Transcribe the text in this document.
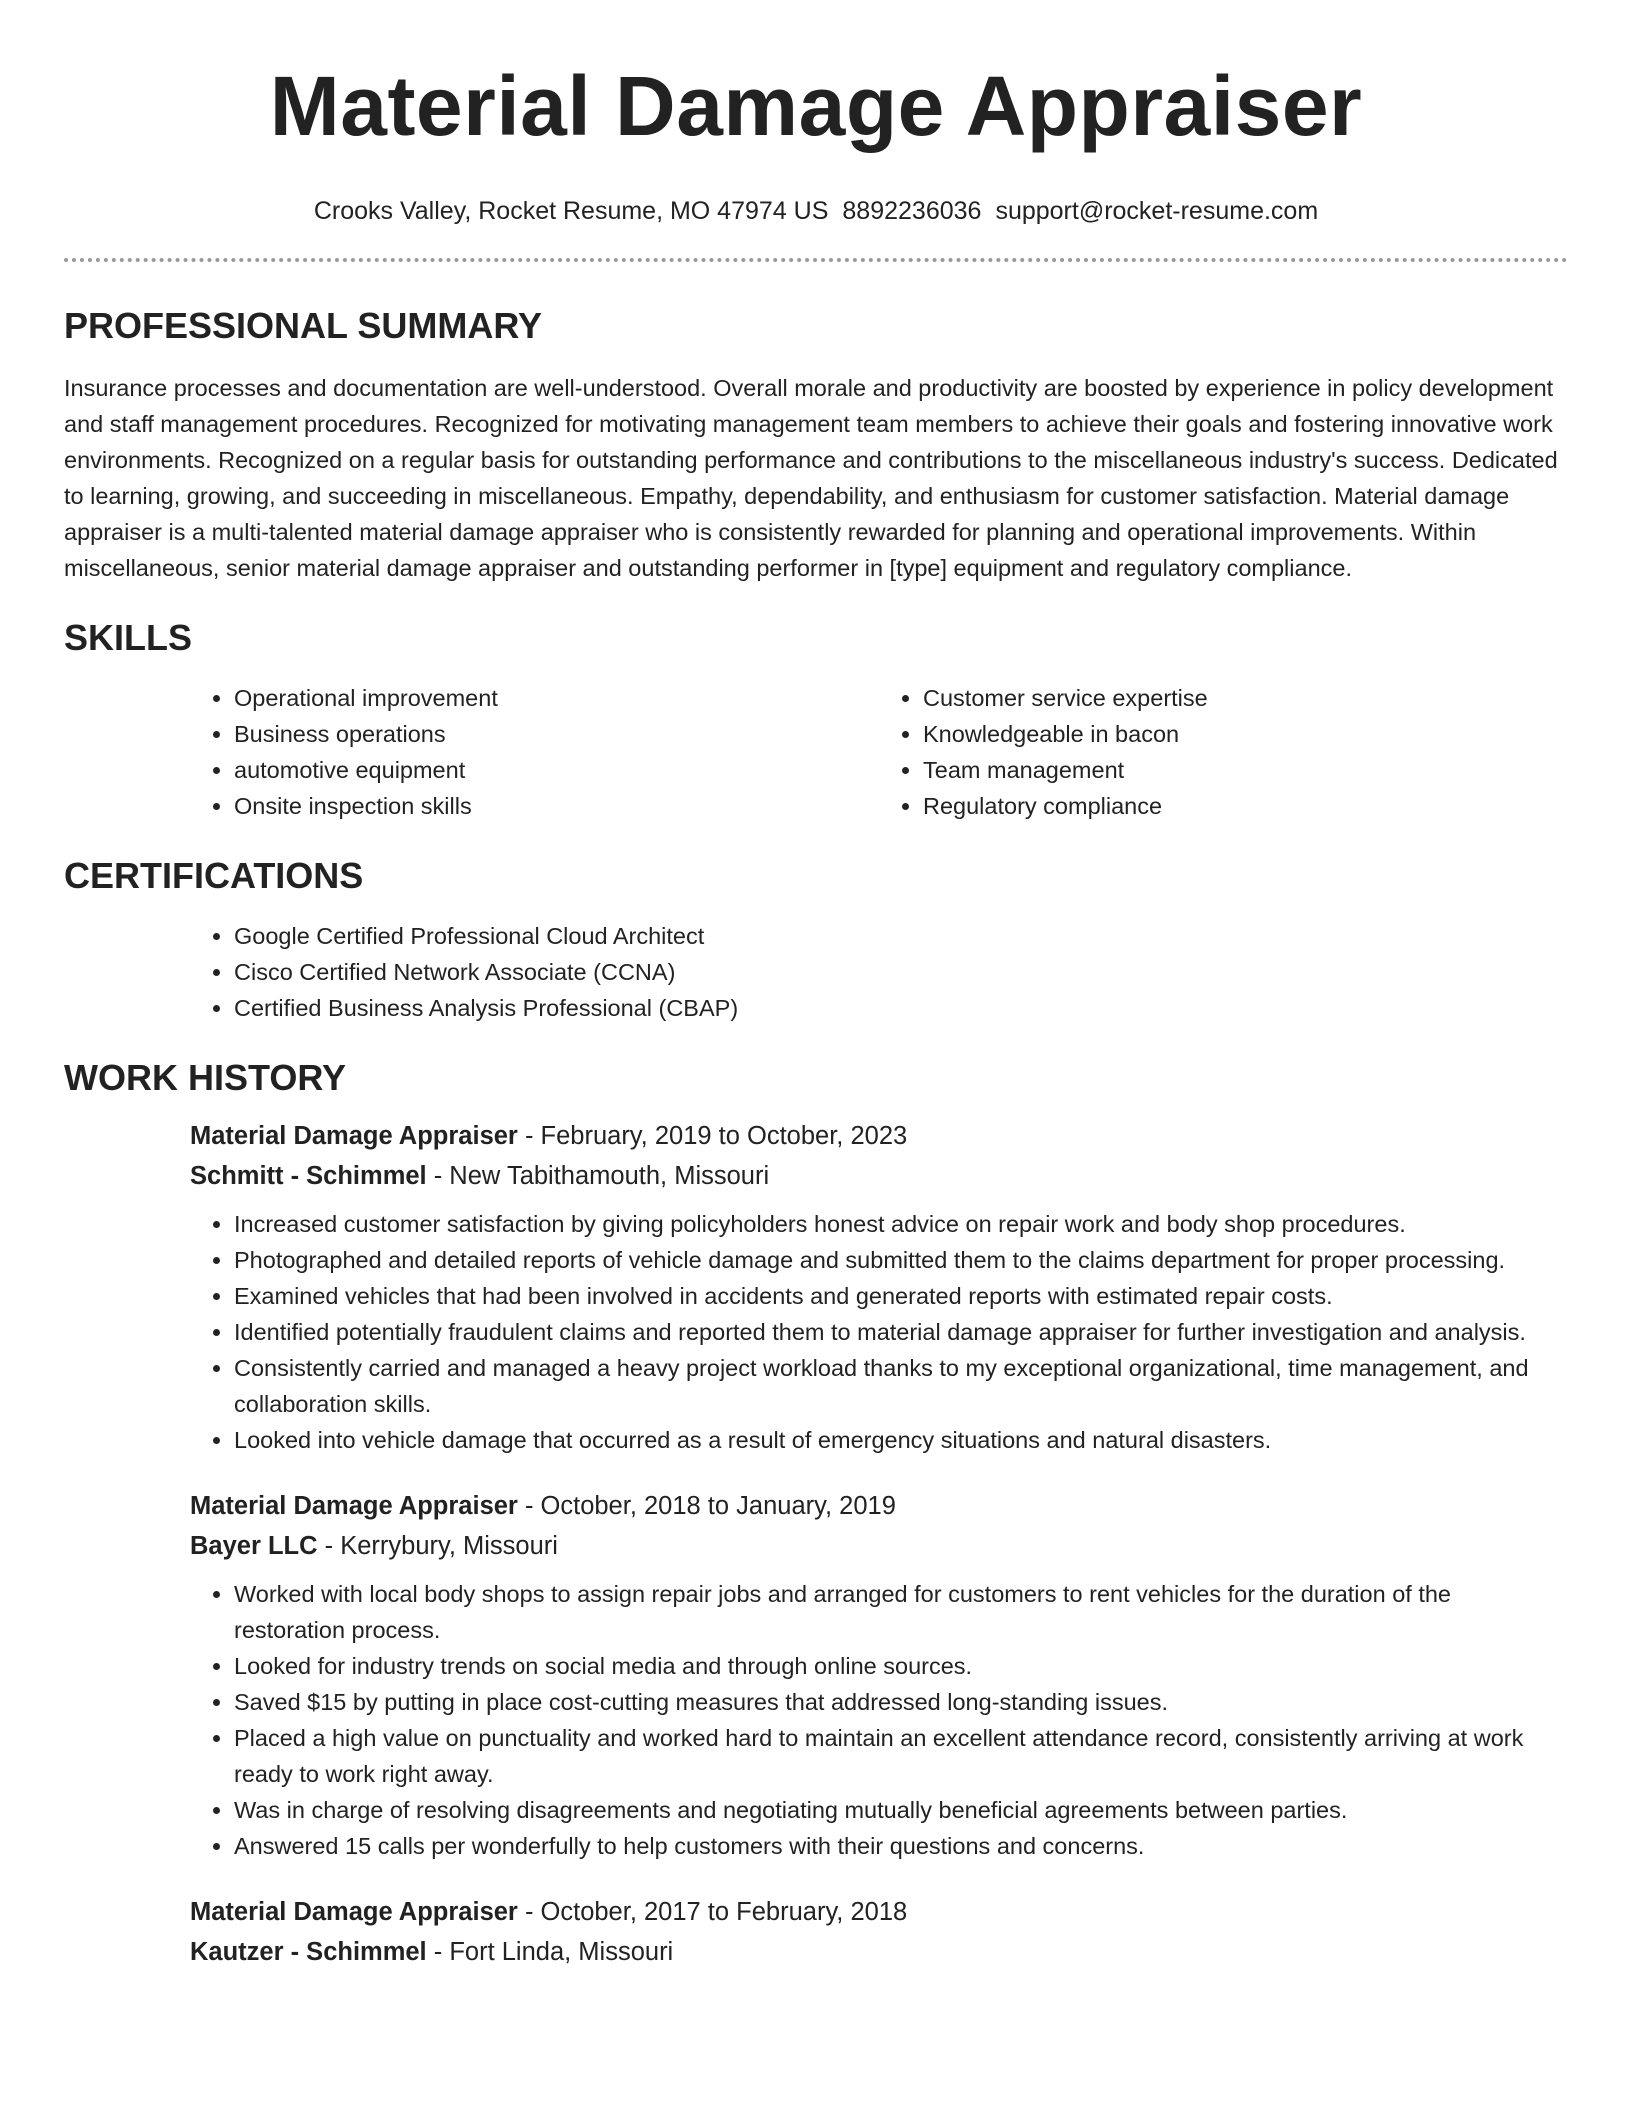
Material Damage Appraiser
Crooks Valley, Rocket Resume, MO 47974 US 8892236036 support@rocket-resume.com
PROFESSIONAL SUMMARY

Insurance processes and documentation are well-understood. Overall morale and productivity are boosted by experience in policy development and staff management procedures. Recognized for motivating management team members to achieve their goals and fostering innovative work environments. Recognized on a regular basis for outstanding performance and contributions to the miscellaneous industry's success. Dedicated to learning, growing, and succeeding in miscellaneous. Empathy, dependability, and enthusiasm for customer satisfaction. Material damage appraiser is a multi-talented material damage appraiser who is consistently rewarded for planning and operational improvements. Within miscellaneous, senior material damage appraiser and outstanding performer in [type] equipment and regulatory compliance.

SKILLS
• Operational improvement
• Business operations
• automotive equipment
• Onsite inspection skills
• Customer service expertise
• Knowledgeable in bacon
• Team management
• Regulatory compliance
CERTIFICATIONS
• Google Certified Professional Cloud Architect
• Cisco Certified Network Associate (CCNA)
• Certified Business Analysis Professional (CBAP)
WORK HISTORY

Material Damage Appraiser - February, 2019 to October, 2023

Schmitt - Schimmel - New Tabithamouth, Missouri

• Increased customer satisfaction by giving policyholders honest advice on repair work and body shop procedures.
• Photographed and detailed reports of vehicle damage and submitted them to the claims department for proper processing.
• Examined vehicles that had been involved in accidents and generated reports with estimated repair costs.
• Identified potentially fraudulent claims and reported them to material damage appraiser for further investigation and analysis.
• Consistently carried and managed a heavy project workload thanks to my exceptional organizational, time management, and collaboration skills.
• Looked into vehicle damage that occurred as a result of emergency situations and natural disasters.

Material Damage Appraiser - October, 2018 to January, 2019

Bayer LLC - Kerrybury, Missouri

• Worked with local body shops to assign repair jobs and arranged for customers to rent vehicles for the duration of the restoration process.
• Looked for industry trends on social media and through online sources.
• Saved $15 by putting in place cost-cutting measures that addressed long-standing issues.
• Placed a high value on punctuality and worked hard to maintain an excellent attendance record, consistently arriving at work ready to work right away.
• Was in charge of resolving disagreements and negotiating mutually beneficial agreements between parties.
• Answered 15 calls per wonderfully to help customers with their questions and concerns.

Material Damage Appraiser - October, 2017 to February, 2018

Kautzer - Schimmel - Fort Linda, Missouri
